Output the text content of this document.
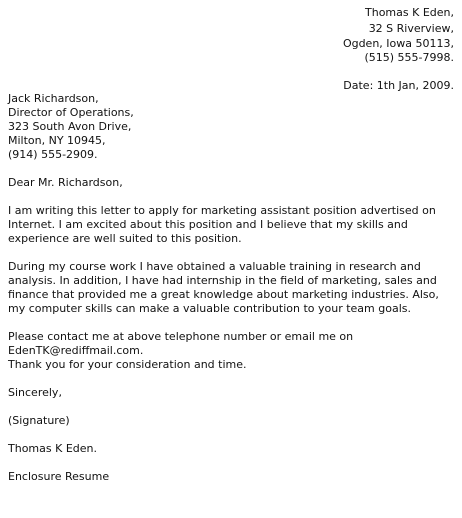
Thomas K Eden,
32 S Riverview,
Ogden, Iowa 50113,
(515) 555-7998.
Date: 1th Jan, 2009.
Jack Richardson,
Director of Operations,
323 South Avon Drive,
Milton, NY 10945,
(914) 555-2909.
Dear Mr. Richardson,
I am writing this letter to apply for marketing assistant position advertised on
Internet. I am excited about this position and I believe that my skills and
experience are well suited to this position.
During my course work I have obtained a valuable training in research and
analysis. In addition, I have had internship in the field of marketing, sales and
finance that provided me a great knowledge about marketing industries. Also,
my computer skills can make a valuable contribution to your team goals.
Please contact me at above telephone number or email me on
EdenTK@rediffmail.com.
Thank you for your consideration and time.
Sincerely,
(Signature)
Thomas K Eden.
Enclosure Resume
